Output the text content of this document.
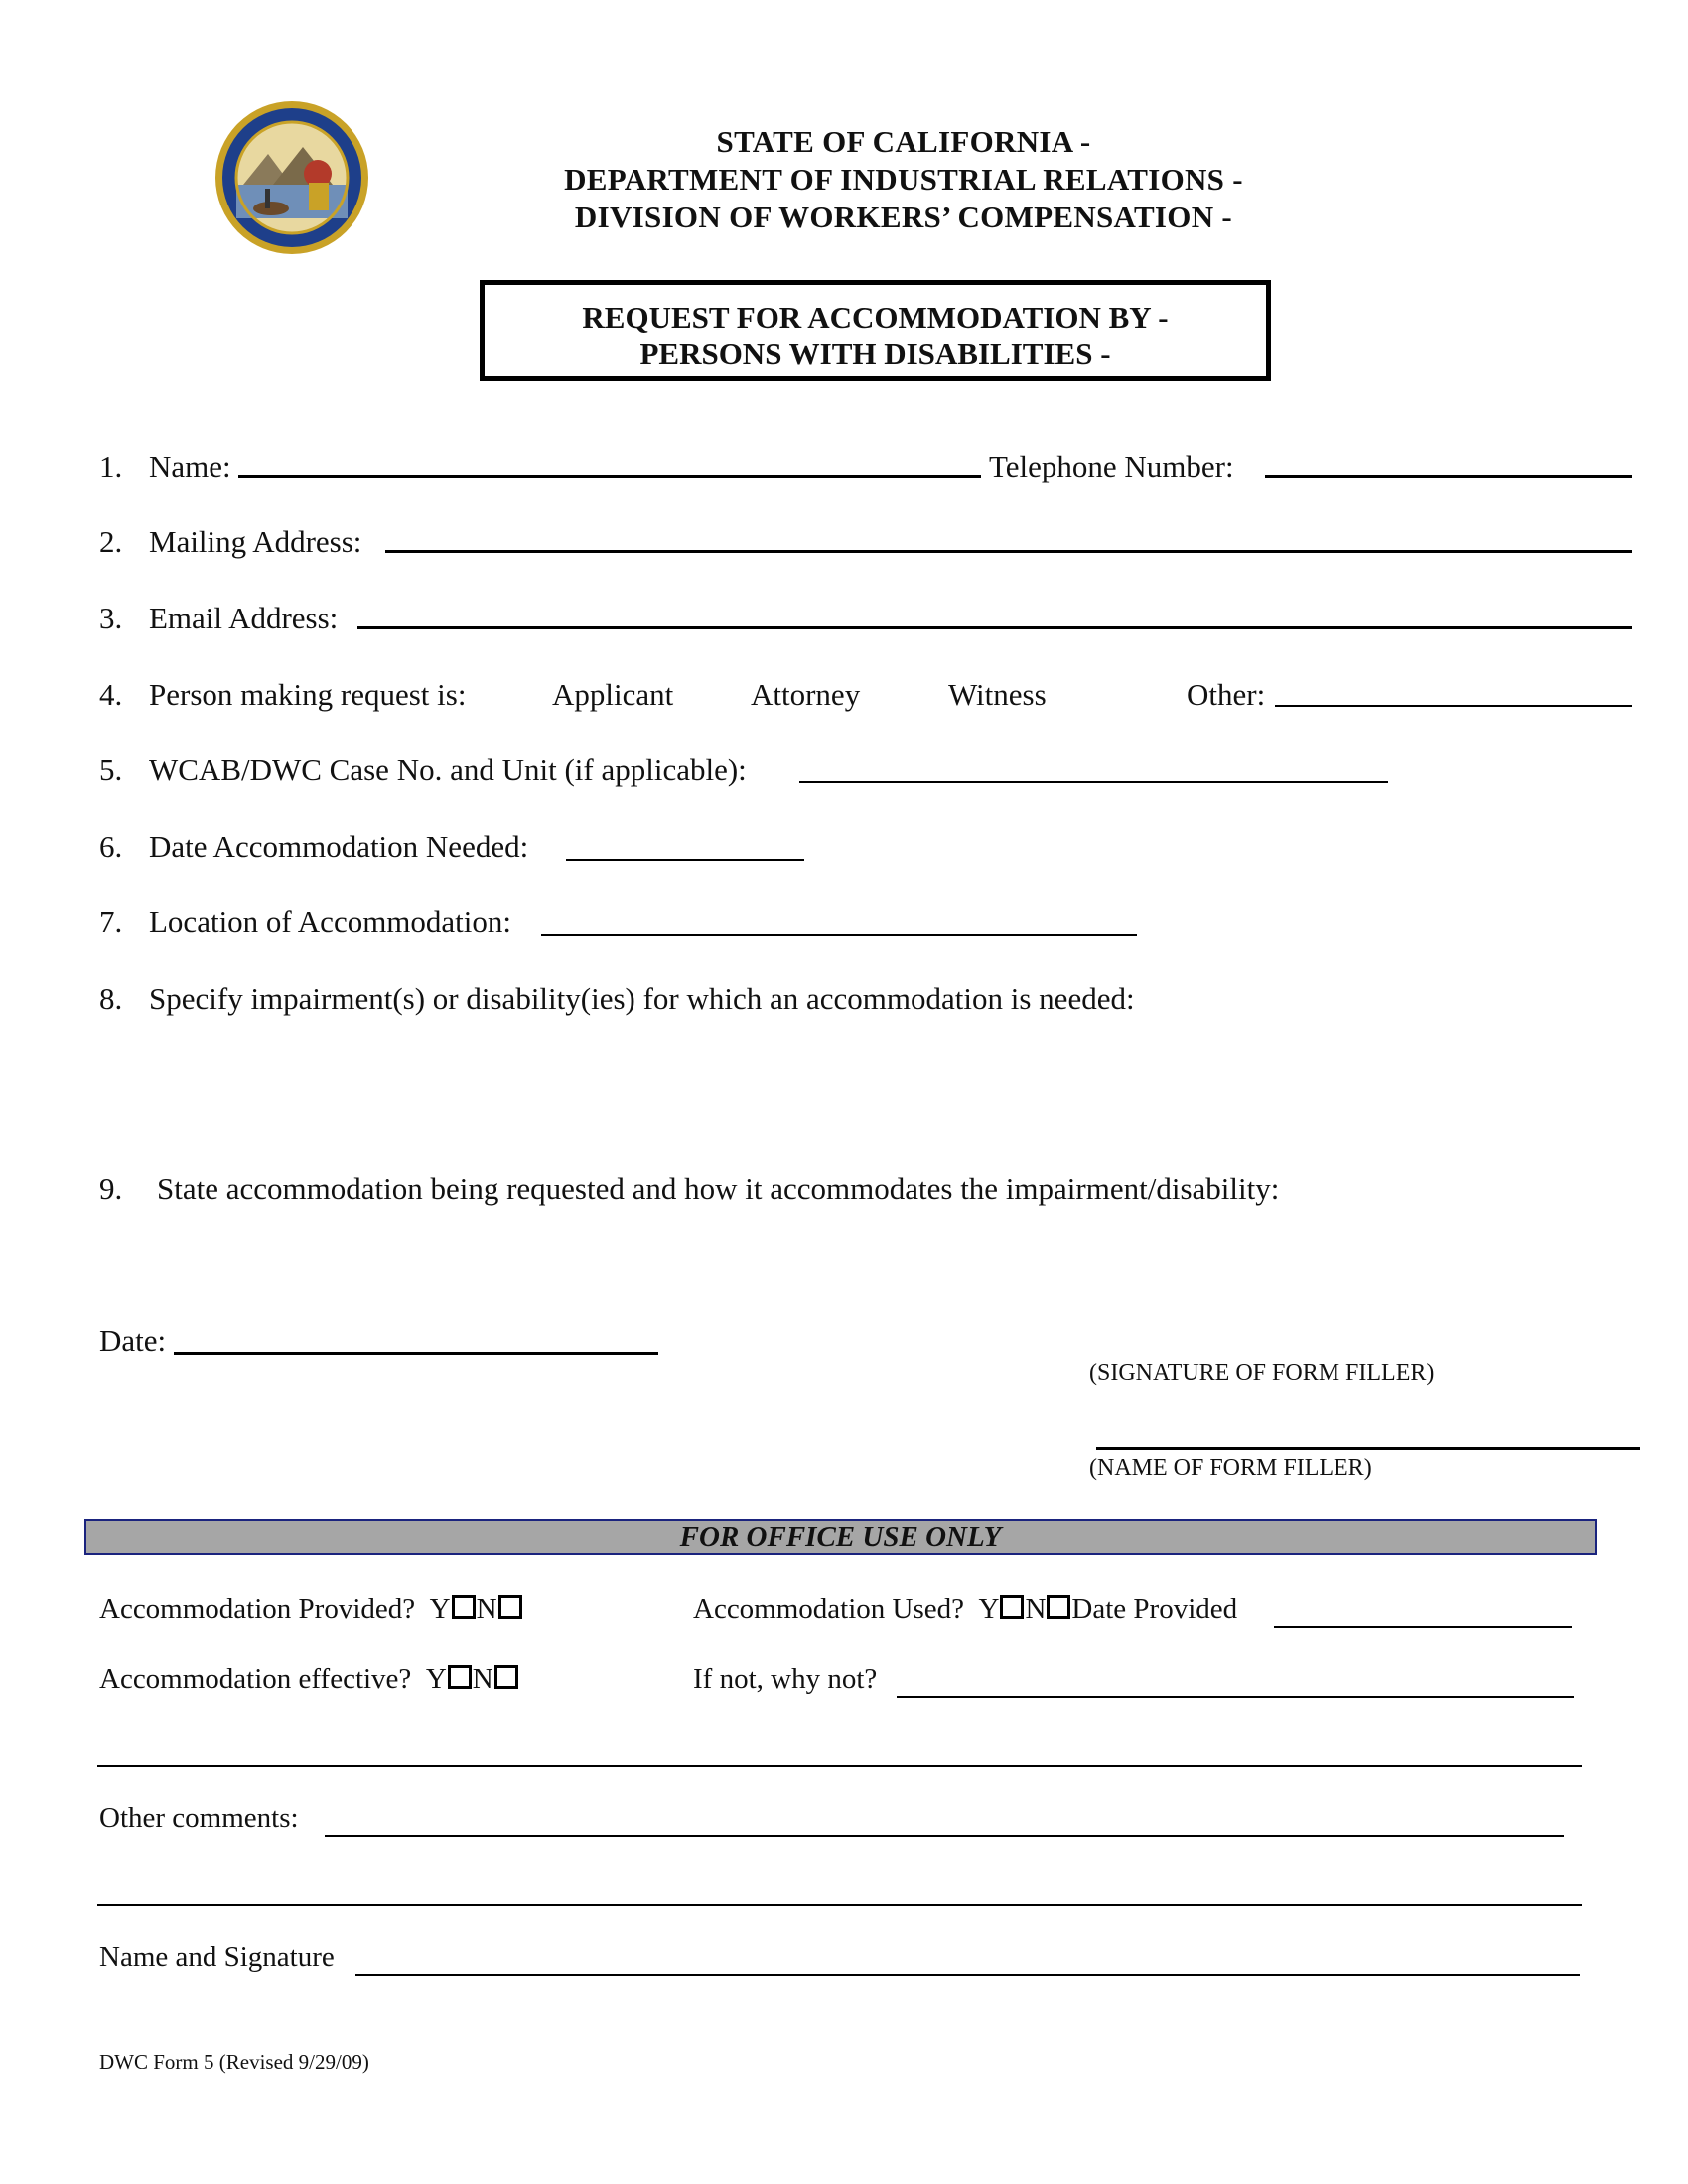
STATE OF CALIFORNIA -
DEPARTMENT OF INDUSTRIAL RELATIONS -
DIVISION OF WORKERS’ COMPENSATION -
REQUEST FOR ACCOMMODATION BY -
PERSONS WITH DISABILITIES -
1. Name:	Telephone Number:
2. Mailing Address:
3. Email Address:
4. Person making request is:	Applicant	Attorney	Witness	Other:
5. WCAB/DWC Case No. and Unit (if applicable):
6. Date Accommodation Needed:
7. Location of Accommodation:
8. Specify impairment(s) or disability(ies) for which an accommodation is needed:
9. State accommodation being requested and how it accommodates the impairment/disability:
Date:
(SIGNATURE OF FORM FILLER)
(NAME OF FORM FILLER)
FOR OFFICE USE ONLY
Accommodation Provided? Y N	Accommodation Used? Y N Date Provided
Accommodation effective? Y N	If not, why not?
Other comments:
Name and Signature
DWC Form 5 (Revised 9/29/09)
